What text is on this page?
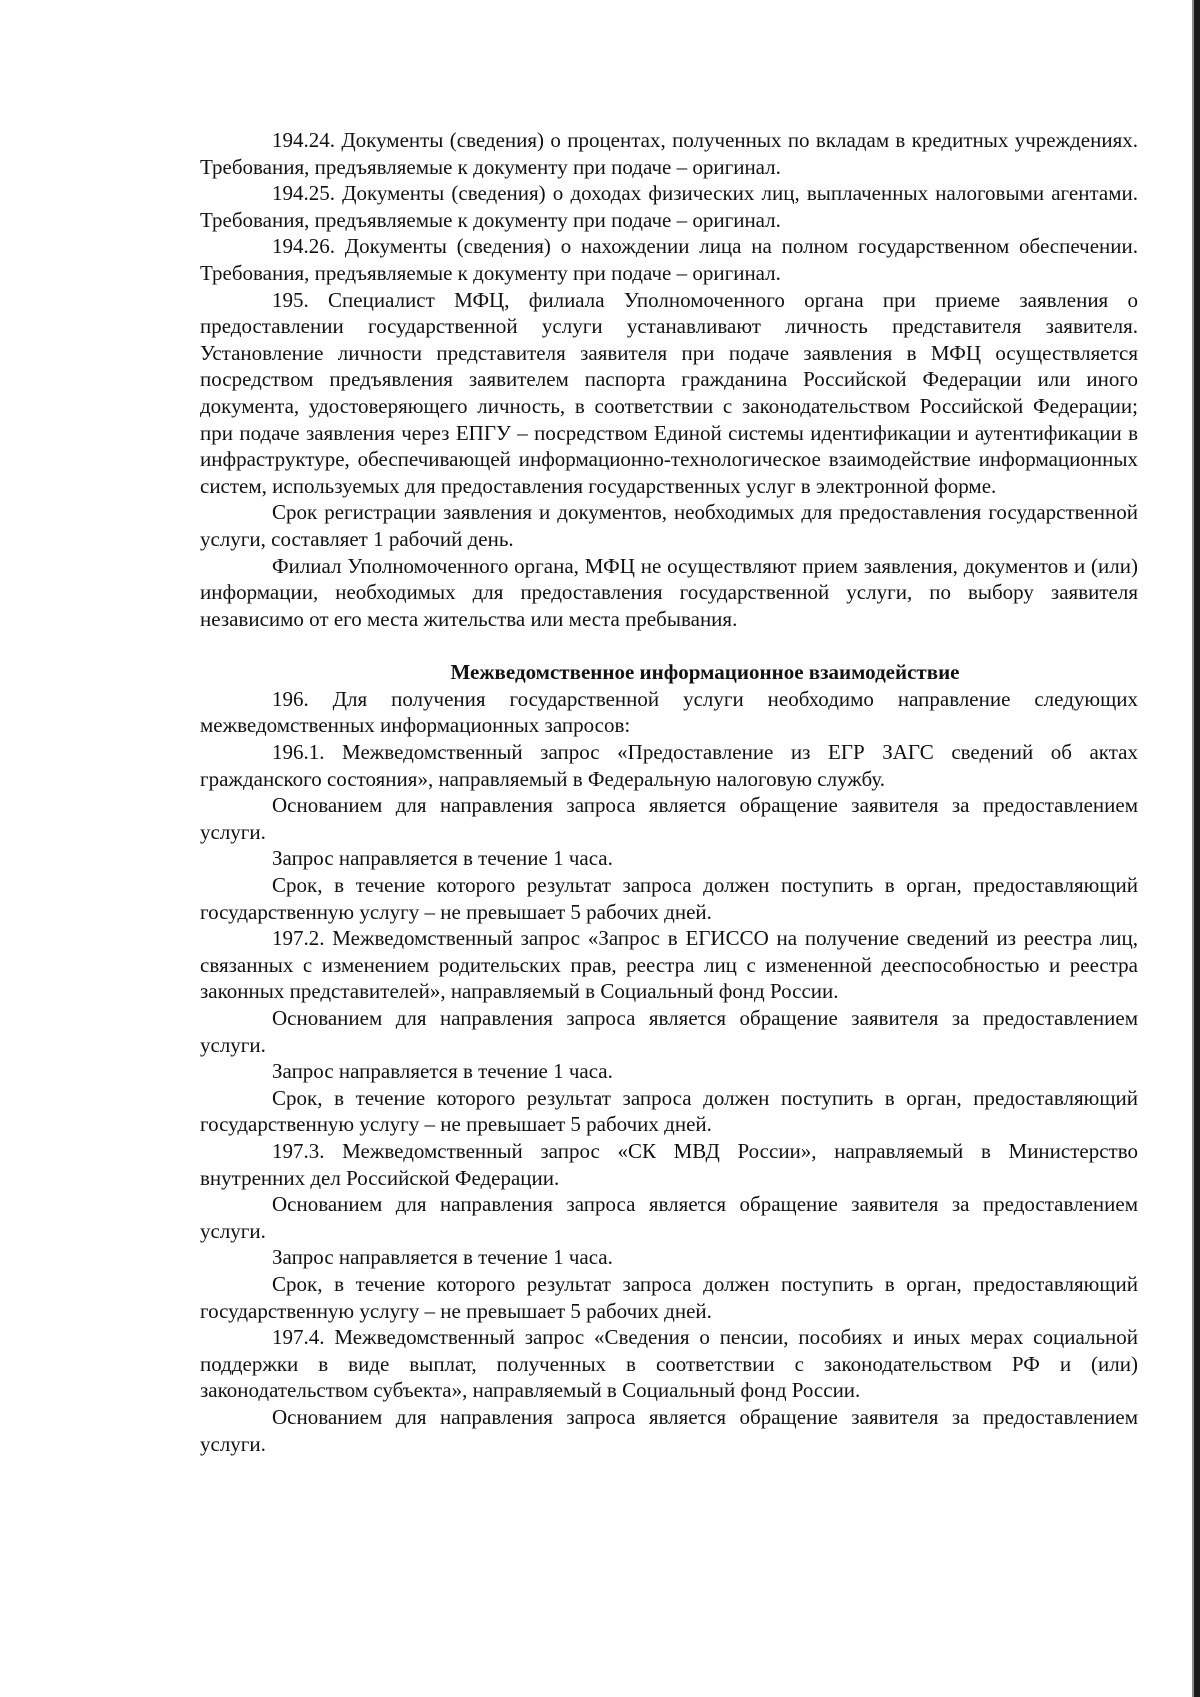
194.24. Документы (сведения) о процентах, полученных по вкладам в кредитных учреждениях. Требования, предъявляемые к документу при подаче – оригинал.

194.25. Документы (сведения) о доходах физических лиц, выплаченных налоговыми агентами. Требования, предъявляемые к документу при подаче – оригинал.

194.26. Документы (сведения) о нахождении лица на полном государственном обеспечении. Требования, предъявляемые к документу при подаче – оригинал.

195. Специалист МФЦ, филиала Уполномоченного органа при приеме заявления о предоставлении государственной услуги устанавливают личность представителя заявителя. Установление личности представителя заявителя при подаче заявления в МФЦ осуществляется посредством предъявления заявителем паспорта гражданина Российской Федерации или иного документа, удостоверяющего личность, в соответствии с законодательством Российской Федерации; при подаче заявления через ЕПГУ – посредством Единой системы идентификации и аутентификации в инфраструктуре, обеспечивающей информационно-технологическое взаимодействие информационных систем, используемых для предоставления государственных услуг в электронной форме.

Срок регистрации заявления и документов, необходимых для предоставления государственной услуги, составляет 1 рабочий день.

Филиал Уполномоченного органа, МФЦ не осуществляют прием заявления, документов и (или) информации, необходимых для предоставления государственной услуги, по выбору заявителя независимо от его места жительства или места пребывания.

Межведомственное информационное взаимодействие

196. Для получения государственной услуги необходимо направление следующих межведомственных информационных запросов:

196.1. Межведомственный запрос «Предоставление из ЕГР ЗАГС сведений об актах гражданского состояния», направляемый в Федеральную налоговую службу.

Основанием для направления запроса является обращение заявителя за предоставлением услуги.

Запрос направляется в течение 1 часа.

Срок, в течение которого результат запроса должен поступить в орган, предоставляющий государственную услугу – не превышает 5 рабочих дней.

197.2. Межведомственный запрос «Запрос в ЕГИССО на получение сведений из реестра лиц, связанных с изменением родительских прав, реестра лиц с измененной дееспособностью и реестра законных представителей», направляемый в Социальный фонд России.

Основанием для направления запроса является обращение заявителя за предоставлением услуги.

Запрос направляется в течение 1 часа.

Срок, в течение которого результат запроса должен поступить в орган, предоставляющий государственную услугу – не превышает 5 рабочих дней.

197.3. Межведомственный запрос «СК МВД России», направляемый в Министерство внутренних дел Российской Федерации.

Основанием для направления запроса является обращение заявителя за предоставлением услуги.

Запрос направляется в течение 1 часа.

Срок, в течение которого результат запроса должен поступить в орган, предоставляющий государственную услугу – не превышает 5 рабочих дней.

197.4. Межведомственный запрос «Сведения о пенсии, пособиях и иных мерах социальной поддержки в виде выплат, полученных в соответствии с законодательством РФ и (или) законодательством субъекта», направляемый в Социальный фонд России.

Основанием для направления запроса является обращение заявителя за предоставлением услуги.
